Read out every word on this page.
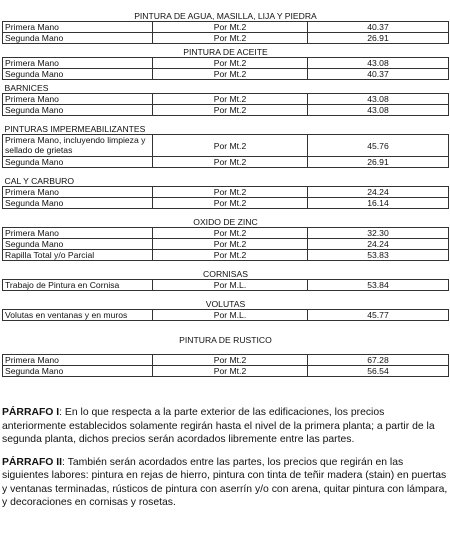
PINTURA DE AGUA, MASILLA, LIJA Y PIEDRA		
Primera Mano	Por Mt.2	40.37
Segunda Mano	Por Mt.2	26.91
PINTURA DE ACEITE		
Primera Mano	Por Mt.2	43.08
Segunda Mano	Por Mt.2	40.37
BARNICES		
Primera Mano	Por Mt.2	43.08
Segunda Mano	Por Mt.2	43.08
PINTURAS IMPERMEABILIZANTES		
Primera Mano, incluyendo limpieza y sellado de grietas	Por Mt.2	45.76
Segunda Mano	Por Mt.2	26.91
CAL Y CARBURO		
Primera Mano	Por Mt.2	24.24
Segunda Mano	Por Mt.2	16.14
OXIDO DE ZINC		
Primera Mano	Por Mt.2	32.30
Segunda Mano	Por Mt.2	24.24
Rapilla Total y/o Parcial	Por Mt.2	53.83
CORNISAS		
Trabajo de Pintura en Cornisa	Por M.L.	53.84
VOLUTAS		
Volutas en ventanas y en muros	Por M.L.	45.77
PINTURA DE RUSTICO		

Primera Mano	Por Mt.2	67.28
Segunda Mano	Por Mt.2	56.54

PÁRRAFO I: En lo que respecta a la parte exterior de las edificaciones, los precios anteriormente establecidos solamente regirán hasta el nivel de la primera planta; a partir de la segunda planta, dichos precios serán acordados libremente entre las partes.

PÁRRAFO II: También serán acordados entre las partes, los precios que regirán en las siguientes labores: pintura en rejas de hierro, pintura con tinta de teñir madera (stain) en puertas y ventanas terminadas, rústicos de pintura con aserrín y/o con arena, quitar pintura con lámpara, y decoraciones en cornisas y rosetas.
